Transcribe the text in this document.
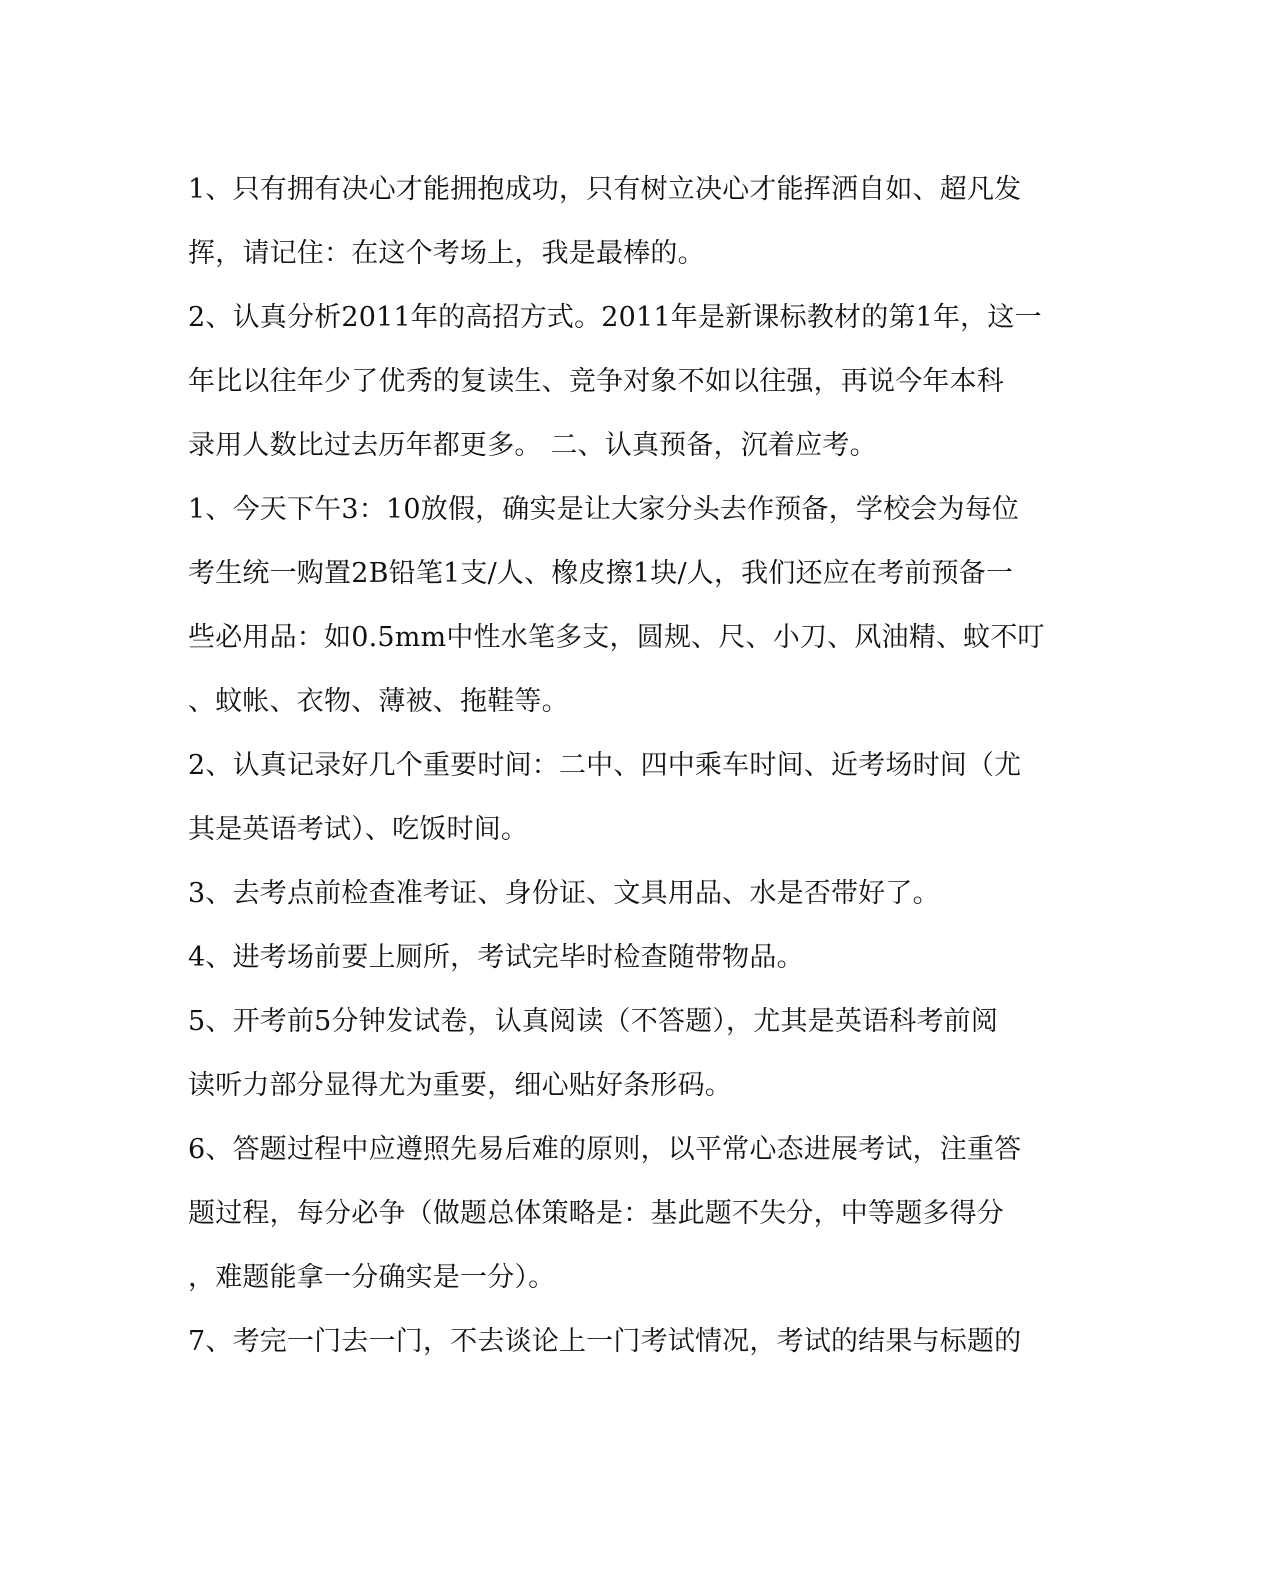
1、只有拥有决心才能拥抱成功，只有树立决心才能挥洒自如、超凡发
挥，请记住：在这个考场上，我是最棒的。
2、认真分析2011年的高招方式。2011年是新课标教材的第1年，这一
年比以往年少了优秀的复读生、竞争对象不如以往强，再说今年本科
录用人数比过去历年都更多。 二、认真预备，沉着应考。
1、今天下午3：10放假，确实是让大家分头去作预备，学校会为每位
考生统一购置2B铅笔1支/人、橡皮擦1块/人，我们还应在考前预备一
些必用品：如0.5mm中性水笔多支，圆规、尺、小刀、风油精、蚊不叮
、蚊帐、衣物、薄被、拖鞋等。
2、认真记录好几个重要时间：二中、四中乘车时间、近考场时间（尤
其是英语考试）、吃饭时间。
3、去考点前检查准考证、身份证、文具用品、水是否带好了。
4、进考场前要上厕所，考试完毕时检查随带物品。
5、开考前5分钟发试卷，认真阅读（不答题），尤其是英语科考前阅
读听力部分显得尤为重要，细心贴好条形码。
6、答题过程中应遵照先易后难的原则，以平常心态进展考试，注重答
题过程，每分必争（做题总体策略是：基此题不失分，中等题多得分
，难题能拿一分确实是一分）。
7、考完一门去一门，不去谈论上一门考试情况，考试的结果与标题的
